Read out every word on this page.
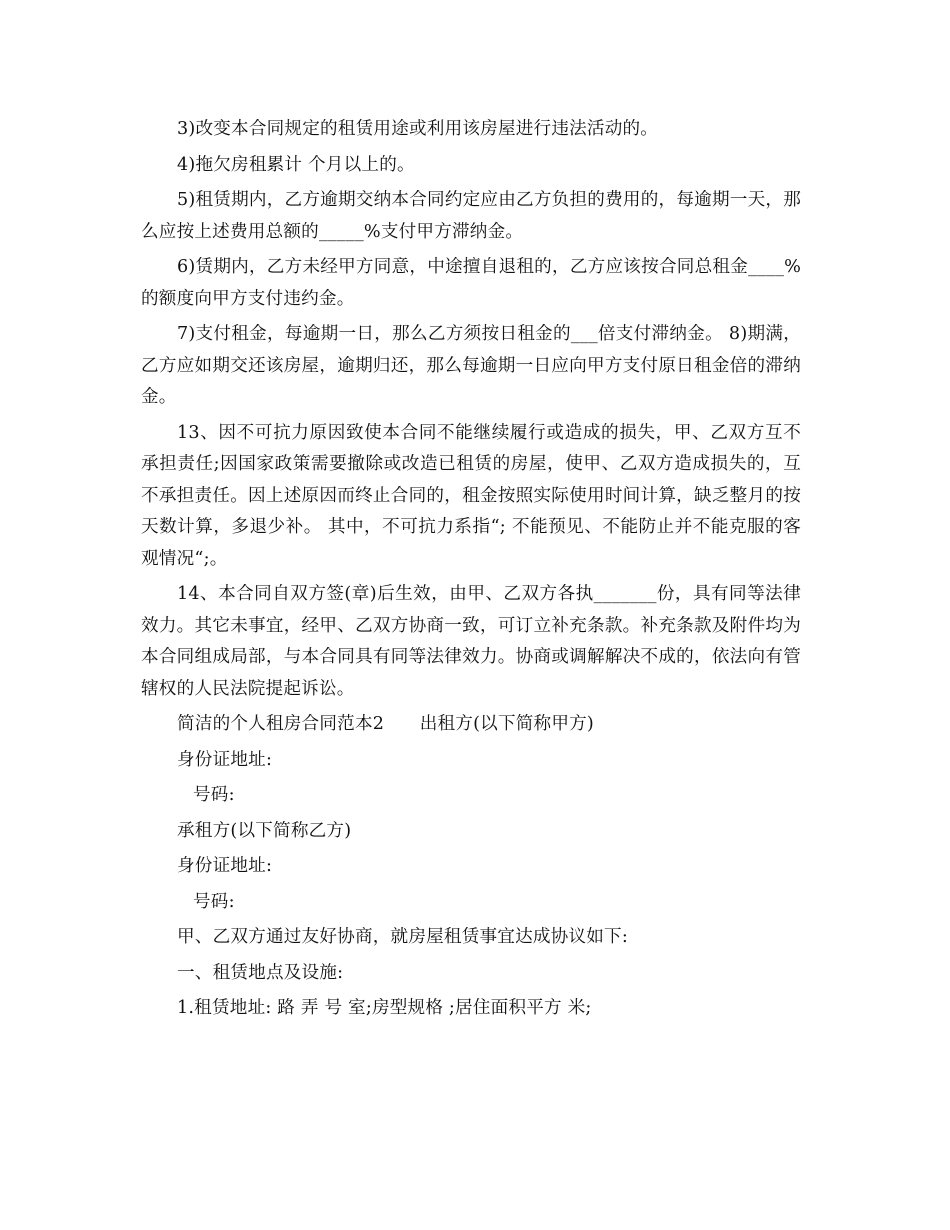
3)改变本合同规定的租赁用途或利用该房屋进行违法活动的。

4)拖欠房租累计 个月以上的。

5)租赁期内，乙方逾期交纳本合同约定应由乙方负担的费用的，每逾期一天，那么应按上述费用总额的_____%支付甲方滞纳金。

6)赁期内，乙方未经甲方同意，中途擅自退租的，乙方应该按合同总租金____%的额度向甲方支付违约金。

7)支付租金，每逾期一日，那么乙方须按日租金的___倍支付滞纳金。 8)期满，乙方应如期交还该房屋，逾期归还，那么每逾期一日应向甲方支付原日租金倍的滞纳金。

13、因不可抗力原因致使本合同不能继续履行或造成的损失，甲、乙双方互不承担责任;因国家政策需要撤除或改造已租赁的房屋，使甲、乙双方造成损失的，互不承担责任。因上述原因而终止合同的，租金按照实际使用时间计算，缺乏整月的按天数计算，多退少补。 其中，不可抗力系指“; 不能预见、不能防止并不能克服的客观情况“;。

14、本合同自双方签(章)后生效，由甲、乙双方各执_______份，具有同等法律效力。其它未事宜，经甲、乙双方协商一致，可订立补充条款。补充条款及附件均为本合同组成局部，与本合同具有同等法律效力。协商或调解解决不成的，依法向有管辖权的人民法院提起诉讼。

简洁的个人租房合同范本2　　出租方(以下简称甲方)

身份证地址:

号码:

承租方(以下简称乙方)

身份证地址:

号码:

甲、乙双方通过友好协商，就房屋租赁事宜达成协议如下:

一、租赁地点及设施:

1.租赁地址: 路 弄 号 室;房型规格 ;居住面积平方 米;
